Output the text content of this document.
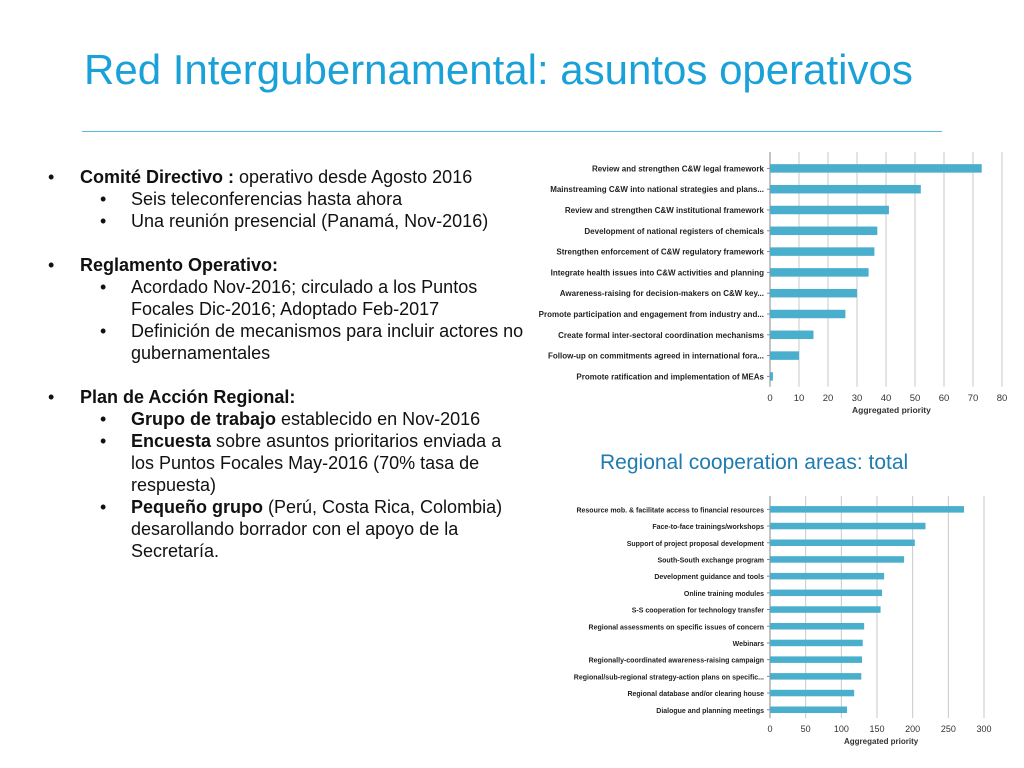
Red Intergubernamental: asuntos operativos
• Comité Directivo : operativo desde Agosto 2016
• Seis teleconferencias hasta ahora
• Una reunión presencial (Panamá, Nov-2016)
• Reglamento Operativo:
• Acordado Nov-2016; circulado a los Puntos Focales Dic-2016; Adoptado Feb-2017
• Definición de mecanismos para incluir actores no gubernamentales
• Plan de Acción Regional:
• Grupo de trabajo establecido en Nov-2016
• Encuesta sobre asuntos prioritarios enviada a los Puntos Focales May-2016 (70% tasa de respuesta)
• Pequeño grupo (Perú, Costa Rica, Colombia) desarollando borrador con el apoyo de la Secretaría.
Review and strengthen C&W legal framework
Mainstreaming C&W into national strategies and plans...
Review and strengthen C&W institutional framework
Development of national registers of chemicals
Strengthen enforcement of C&W regulatory framework
Integrate health issues into C&W activities and planning
Awareness-raising for decision-makers on C&W key...
Promote participation and engagement from industry and...
Create formal inter-sectoral coordination mechanisms
Follow-up on commitments agreed in international fora...
Promote ratification and implementation of MEAs
0 10 20 30 40 50 60 70 80
Aggregated priority
Regional cooperation areas: total
Resource mob. & facilitate access to financial resources
Face-to-face trainings/workshops
Support of project proposal development
South-South exchange program
Development guidance and tools
Online training modules
S-S cooperation for technology transfer
Regional assessments on specific issues of concern
Webinars
Regionally-coordinated awareness-raising campaign
Regional/sub-regional strategy-action plans on specific...
Regional database and/or clearing house
Dialogue and planning meetings
0	50	100 150 200 250 300
Aggregated priority
